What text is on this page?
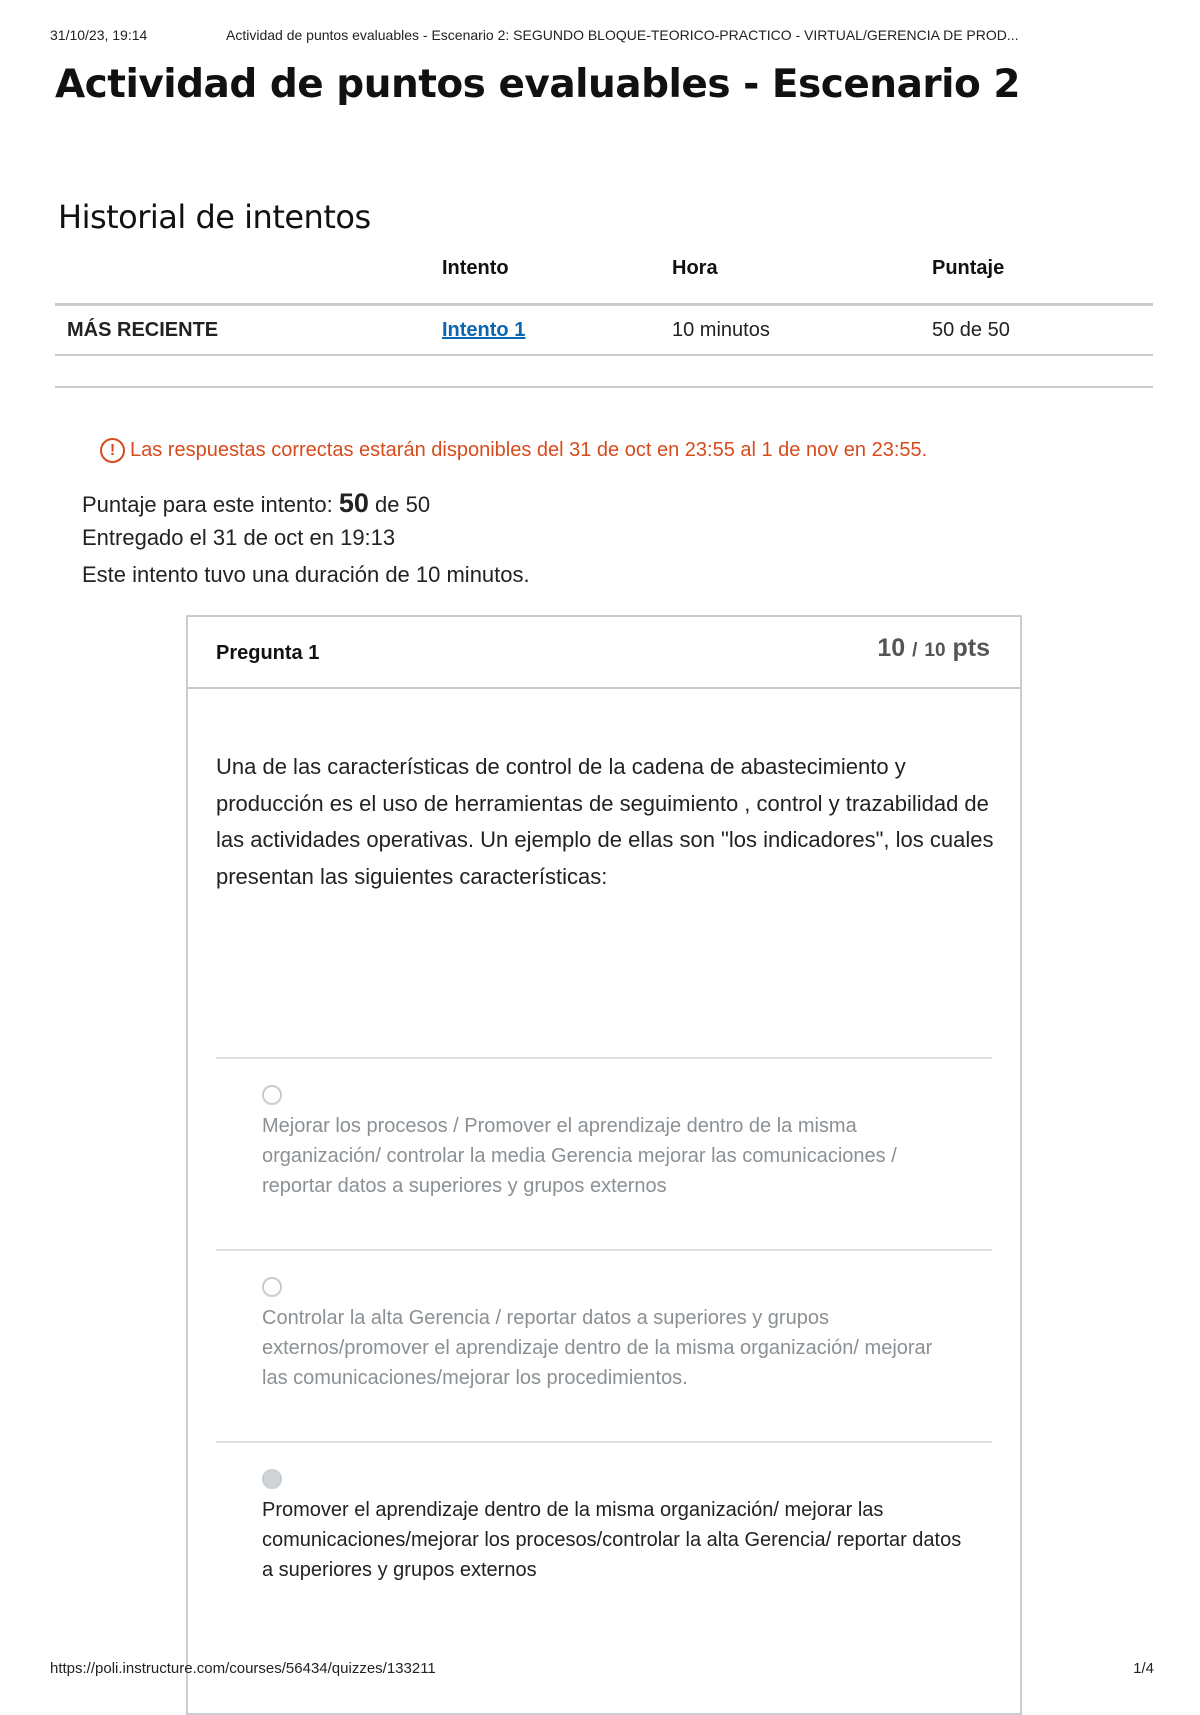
31/10/23, 19:14	Actividad de puntos evaluables - Escenario 2: SEGUNDO BLOQUE-TEORICO-PRACTICO - VIRTUAL/GERENCIA DE PROD...
Actividad de puntos evaluables - Escenario 2
Historial de intentos
	Intento	Hora	Puntaje
MÁS RECIENTE	Intento 1	10 minutos	50 de 50
! Las respuestas correctas estarán disponibles del 31 de oct en 23:55 al 1 de nov en 23:55.
Puntaje para este intento: 50 de 50
Entregado el 31 de oct en 19:13
Este intento tuvo una duración de 10 minutos.
Pregunta 1	10 / 10 pts
Una de las características de control de la cadena de abastecimiento y producción es el uso de herramientas de seguimiento , control y trazabilidad de las actividades operativas. Un ejemplo de ellas son "los indicadores", los cuales presentan las siguientes características:
Mejorar los procesos / Promover el aprendizaje dentro de la misma organización/ controlar la media Gerencia mejorar las comunicaciones / reportar datos a superiores y grupos externos
Controlar la alta Gerencia / reportar datos a superiores y grupos externos/promover el aprendizaje dentro de la misma organización/ mejorar las comunicaciones/mejorar los procedimientos.
Promover el aprendizaje dentro de la misma organización/ mejorar las comunicaciones/mejorar los procesos/controlar la alta Gerencia/ reportar datos a superiores y grupos externos
https://poli.instructure.com/courses/56434/quizzes/133211	1/4
